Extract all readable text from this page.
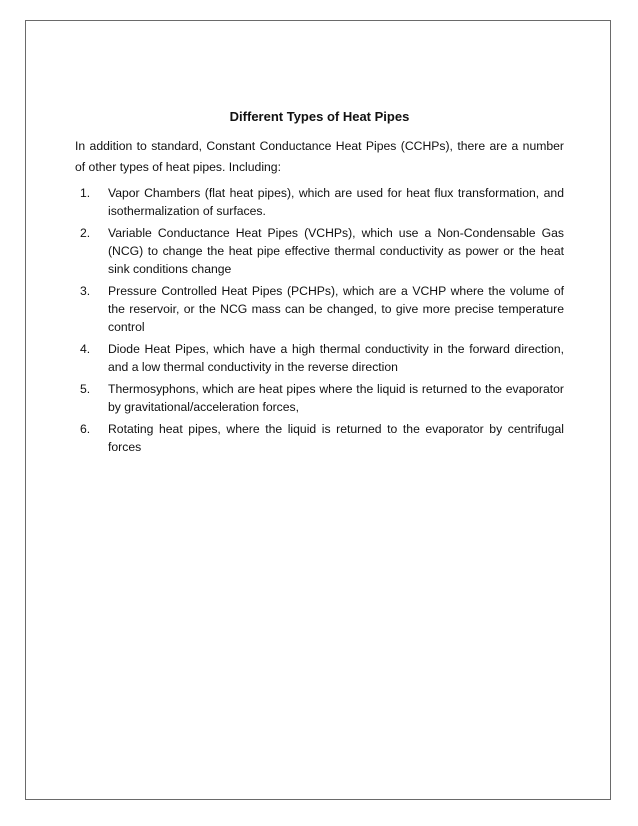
Different Types of Heat Pipes

In addition to standard, Constant Conductance Heat Pipes (CCHPs), there are a number of other types of heat pipes. Including:

1. Vapor Chambers (flat heat pipes), which are used for heat flux transformation, and isothermalization of surfaces.
2. Variable Conductance Heat Pipes (VCHPs), which use a Non-Condensable Gas (NCG) to change the heat pipe effective thermal conductivity as power or the heat sink conditions change
3. Pressure Controlled Heat Pipes (PCHPs), which are a VCHP where the volume of the reservoir, or the NCG mass can be changed, to give more precise temperature control
4. Diode Heat Pipes, which have a high thermal conductivity in the forward direction, and a low thermal conductivity in the reverse direction
5. Thermosyphons, which are heat pipes where the liquid is returned to the evaporator by gravitational/acceleration forces,
6. Rotating heat pipes, where the liquid is returned to the evaporator by centrifugal forces
